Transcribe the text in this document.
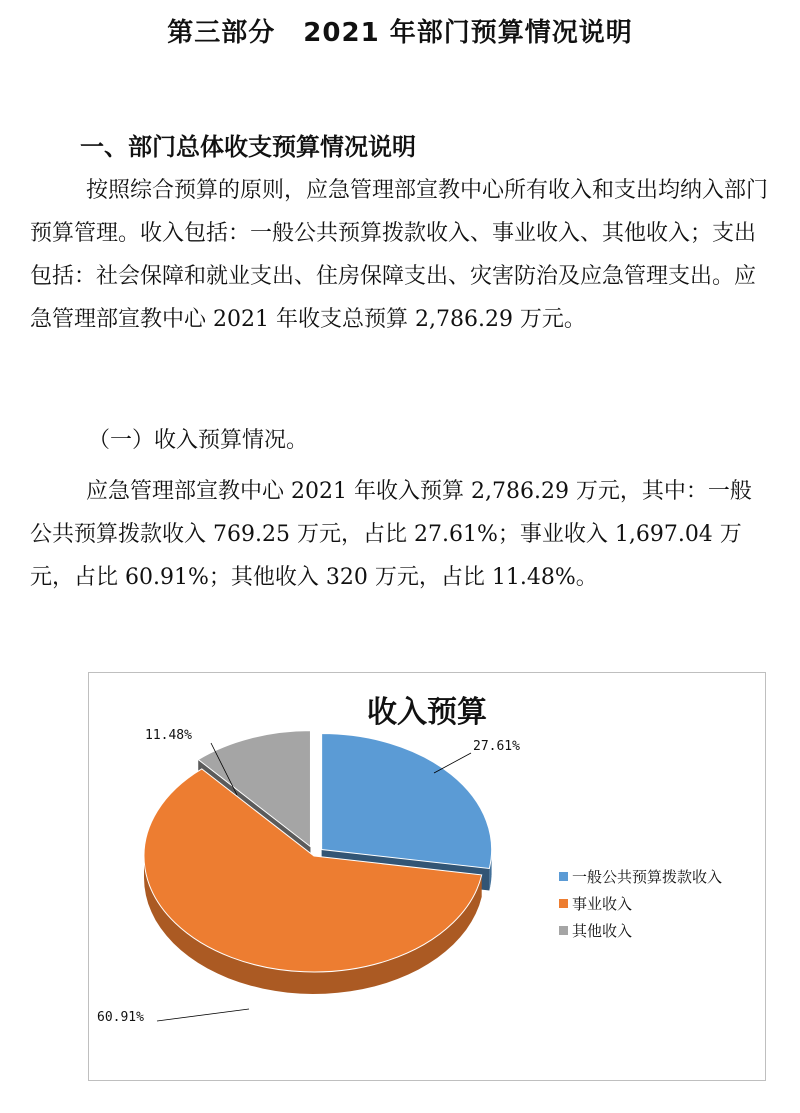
第三部分 2021 年部门预算情况说明
一、部门总体收支预算情况说明
按照综合预算的原则，应急管理部宣教中心所有收入和支出均纳入部门预算管理。收入包括：一般公共预算拨款收入、事业收入、其他收入；支出包括：社会保障和就业支出、住房保障支出、灾害防治及应急管理支出。应急管理部宣教中心 2021 年收支总预算 2,786.29 万元。
（一）收入预算情况。
应急管理部宣教中心 2021 年收入预算 2,786.29 万元，其中：一般公共预算拨款收入 769.25 万元，占比 27.61%；事业收入 1,697.04 万元，占比 60.91%；其他收入 320 万元，占比 11.48%。
收入预算
一般公共预算拨款收入
事业收入
其他收入
27.61%
60.91%
11.48%
